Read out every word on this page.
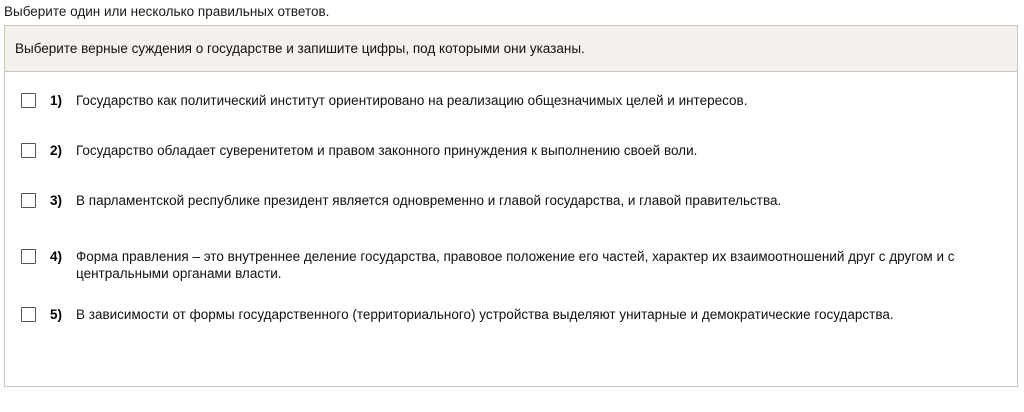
Выберите один или несколько правильных ответов.
Выберите верные суждения о государстве и запишите цифры, под которыми они указаны.
1) Государство как политический институт ориентировано на реализацию общезначимых целей и интересов.
2) Государство обладает суверенитетом и правом законного принуждения к выполнению своей воли.
3) В парламентской республике президент является одновременно и главой государства, и главой правительства.
4) Форма правления – это внутреннее деление государства, правовое положение его частей, характер их взаимоотношений друг с другом и с центральными органами власти.
5) В зависимости от формы государственного (территориального) устройства выделяют унитарные и демократические государства.
